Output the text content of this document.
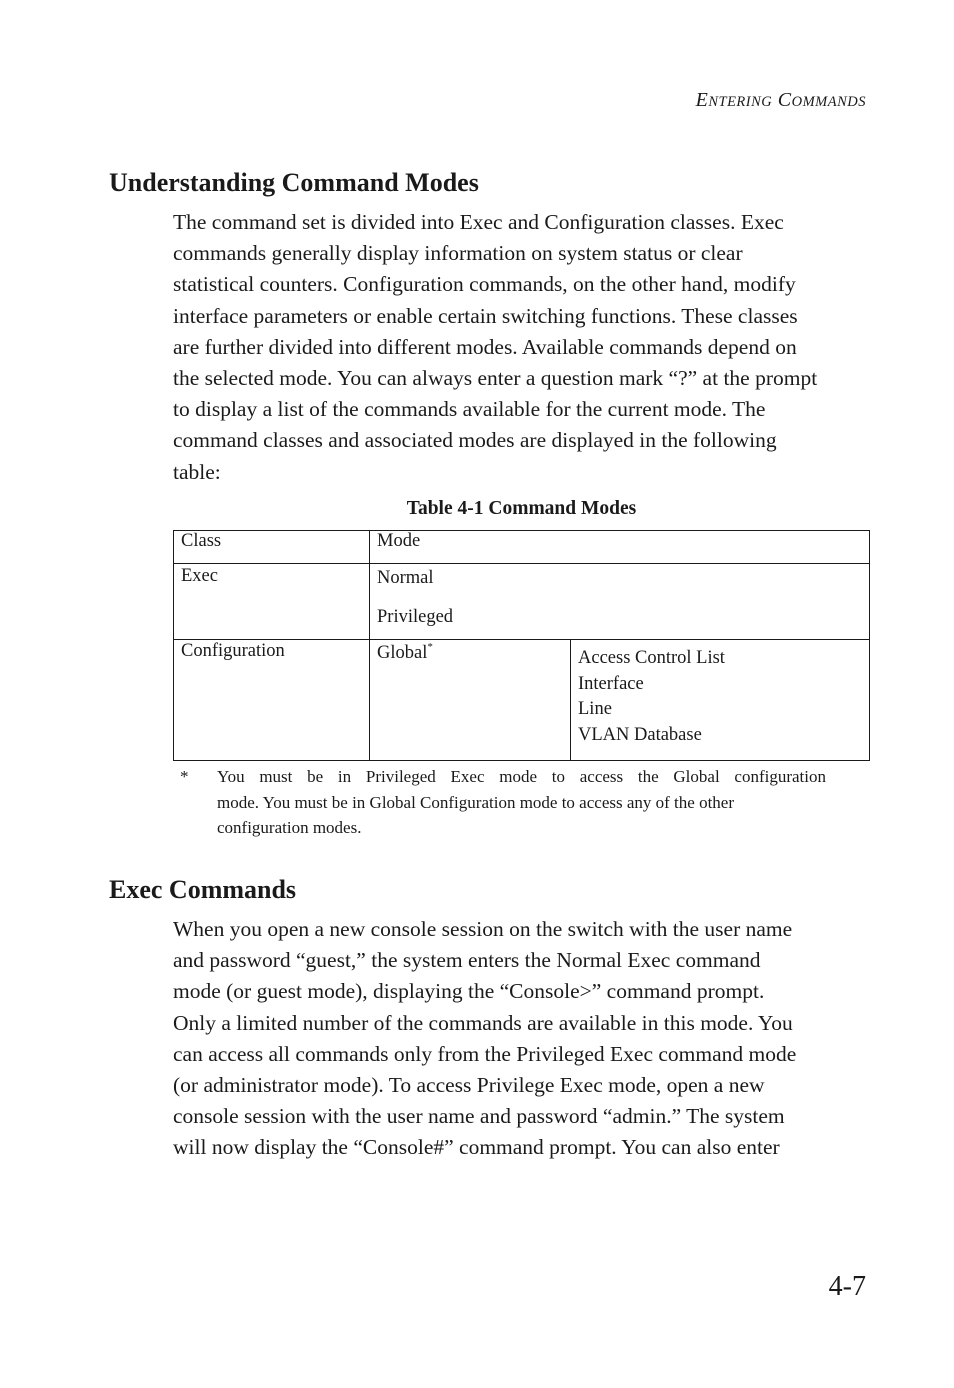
ENTERING COMMANDS
Understanding Command Modes

The command set is divided into Exec and Configuration classes. Exec
commands generally display information on system status or clear
statistical counters. Configuration commands, on the other hand, modify
interface parameters or enable certain switching functions. These classes
are further divided into different modes. Available commands depend on
the selected mode. You can always enter a question mark “?” at the prompt
to display a list of the commands available for the current mode. The
command classes and associated modes are displayed in the following
table:

Table 4-1 Command Modes
Class	Mode	
Exec	Normal
Privileged	

Configuration	Global*	Access Control List
Interface
Line
VLAN Database
* You must be in Privileged Exec mode to access the Global configuration
mode. You must be in Global Configuration mode to access any of the other
configuration modes.
Exec Commands

When you open a new console session on the switch with the user name
and password “guest,” the system enters the Normal Exec command
mode (or guest mode), displaying the “Console>” command prompt.
Only a limited number of the commands are available in this mode. You
can access all commands only from the Privileged Exec command mode
(or administrator mode). To access Privilege Exec mode, open a new
console session with the user name and password “admin.” The system
will now display the “Console#” command prompt. You can also enter

4-7
